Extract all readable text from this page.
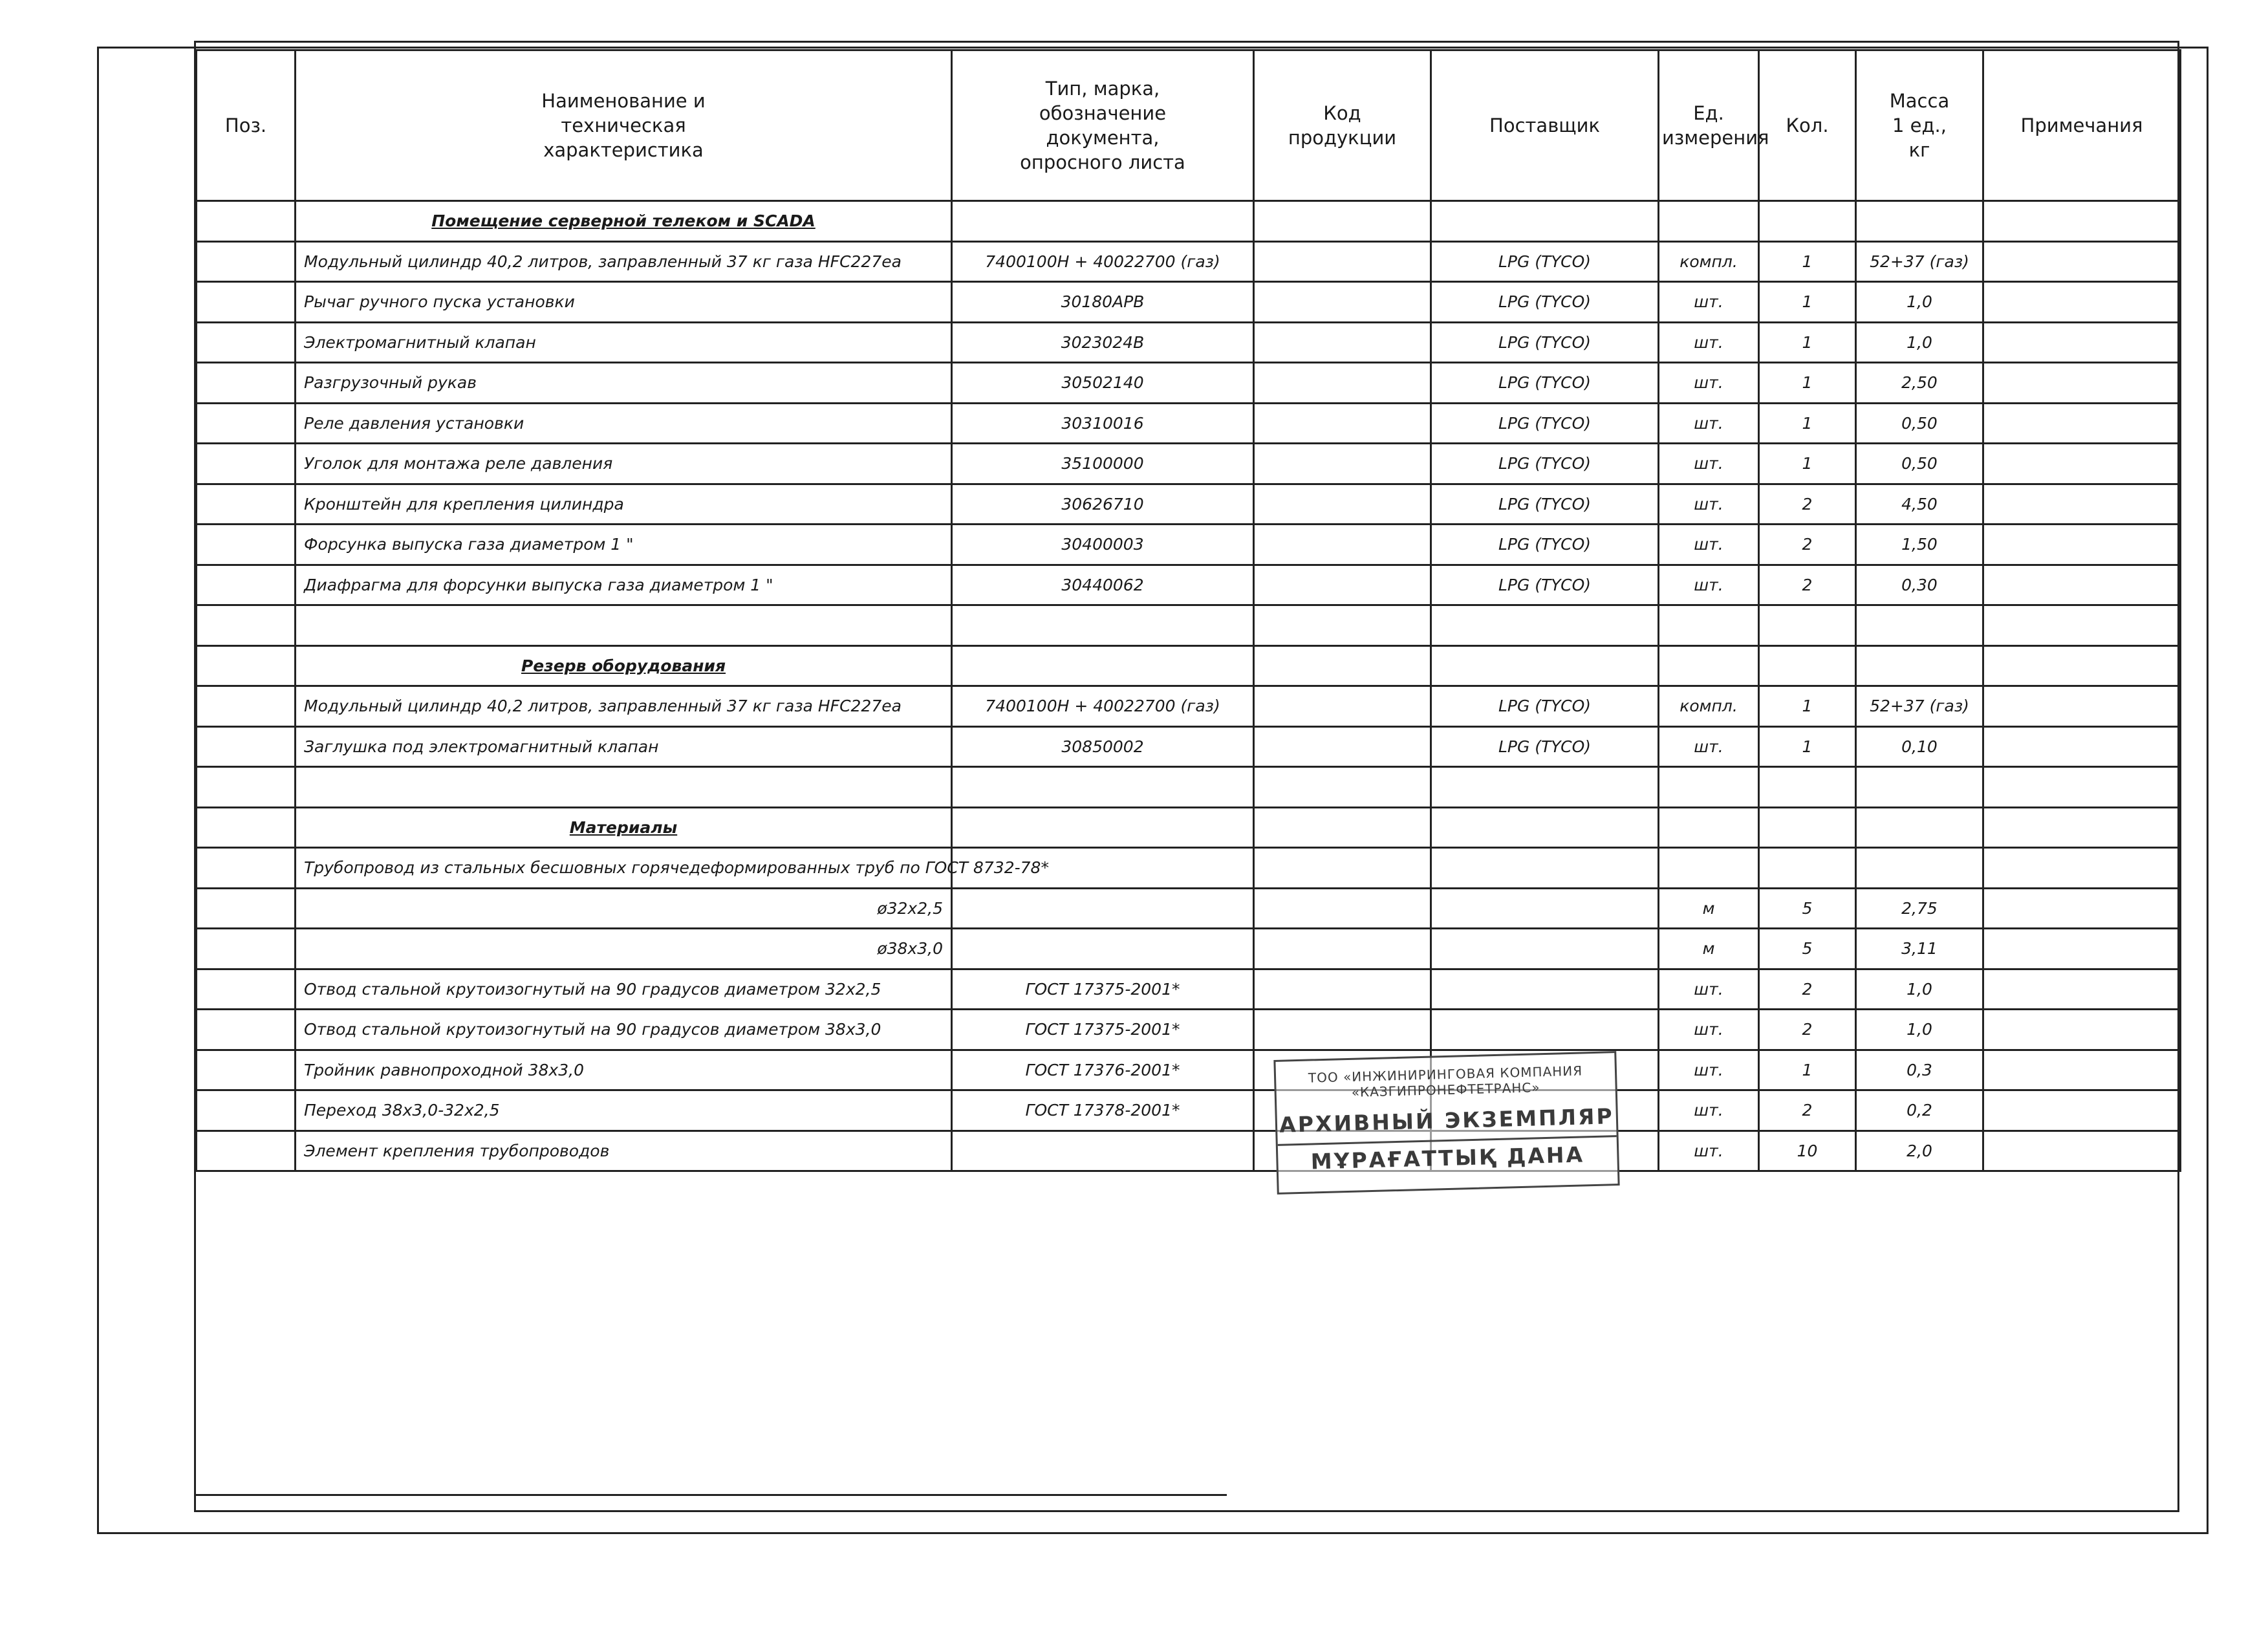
Поз.	Наименование и техническая характеристика	Тип, марка, обозначение документа, опросного листа	Код продукции	Поставщик	Ед. измерения	Кол.	Масса 1 ед., кг	Примечания
	Помещение серверной телеком и SCADA							
	Модульный цилиндр 40,2 литров, заправленный 37 кг газа HFC227ea	7400100H + 40022700 (газ)		LPG (TYCO)	компл.	1	52+37 (газ)	
	Рычаг ручного пуска установки	30180APB		LPG (TYCO)	шт.	1	1,0	
	Электромагнитный клапан	3023024B		LPG (TYCO)	шт.	1	1,0	
	Разгрузочный рукав	30502140		LPG (TYCO)	шт.	1	2,50	
	Реле давления установки	30310016		LPG (TYCO)	шт.	1	0,50	
	Уголок для монтажа реле давления	35100000		LPG (TYCO)	шт.	1	0,50	
	Кронштейн для крепления цилиндра	30626710		LPG (TYCO)	шт.	2	4,50	
	Форсунка выпуска газа диаметром 1 "	30400003		LPG (TYCO)	шт.	2	1,50	
	Диафрагма для форсунки выпуска газа диаметром 1 "	30440062		LPG (TYCO)	шт.	2	0,30	

	Резерв оборудования							
	Модульный цилиндр 40,2 литров, заправленный 37 кг газа HFC227ea	7400100H + 40022700 (газ)		LPG (TYCO)	компл.	1	52+37 (газ)	
	Заглушка под электромагнитный клапан	30850002		LPG (TYCO)	шт.	1	0,10	

	Материалы							
	Трубопровод из стальных бесшовных горячедеформированных труб по ГОСТ 8732-78*							
	ø32x2,5				м	5	2,75	
	ø38x3,0				м	5	3,11	
	Отвод стальной крутоизогнутый на 90 градусов диаметром 32x2,5	ГОСТ 17375-2001*			шт.	2	1,0	
	Отвод стальной крутоизогнутый на 90 градусов диаметром 38x3,0	ГОСТ 17375-2001*			шт.	2	1,0	
	Тройник равнопроходной 38x3,0	ГОСТ 17376-2001*			шт.	1	0,3	
	Переход 38x3,0-32x2,5	ГОСТ 17378-2001*			шт.	2	0,2	
	Элемент крепления трубопроводов				шт.	10	2,0	
ТОО «ИНЖИНИРИНГОВАЯ КОМПАНИЯ «КАЗГИПРОНЕФТЕТРАНС»
АРХИВНЫЙ ЭКЗЕМПЛЯР
МҰРАҒАТТЫҚ ДАНА
